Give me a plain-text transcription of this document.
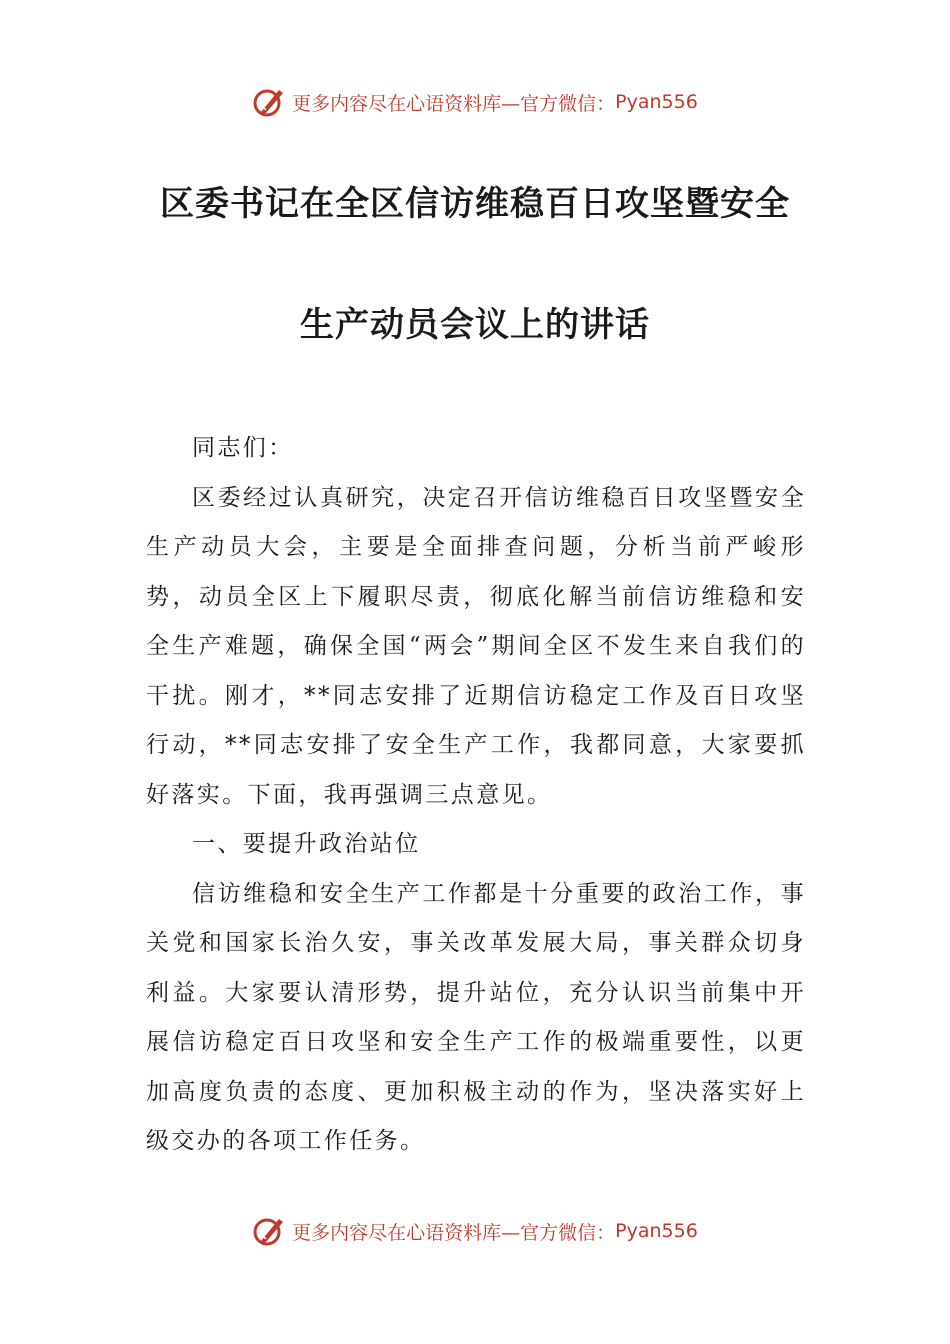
更多内容尽在心语资料库—官方微信： Pyan556
区委书记在全区信访维稳百日攻坚暨安全
生产动员会议上的讲话

同志们：

区委经过认真研究，决定召开信访维稳百日攻坚暨安全生产动员大会，主要是全面排查问题，分析当前严峻形势，动员全区上下履职尽责，彻底化解当前信访维稳和安全生产难题，确保全国“两会”期间全区不发生来自我们的干扰。刚才，**同志安排了近期信访稳定工作及百日攻坚行动，**同志安排了安全生产工作，我都同意，大家要抓好落实。下面，我再强调三点意见。

一、要提升政治站位

信访维稳和安全生产工作都是十分重要的政治工作，事关党和国家长治久安，事关改革发展大局，事关群众切身利益。大家要认清形势，提升站位，充分认识当前集中开展信访稳定百日攻坚和安全生产工作的极端重要性，以更加高度负责的态度、更加积极主动的作为，坚决落实好上级交办的各项工作任务。

更多内容尽在心语资料库—官方微信： Pyan556
